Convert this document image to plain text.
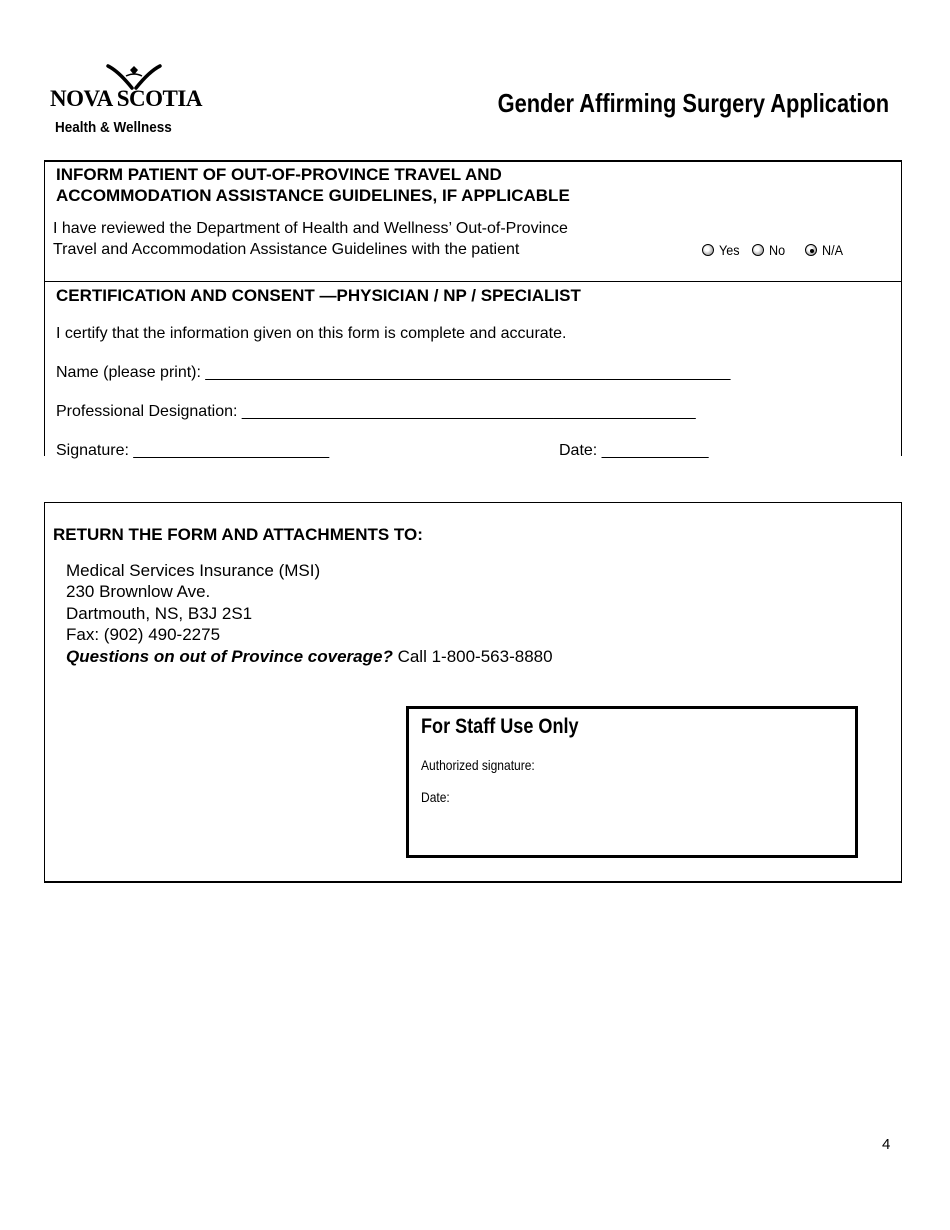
NOVA SCOTIA
Health & Wellness
Gender Affirming Surgery Application
INFORM PATIENT OF OUT-OF-PROVINCE TRAVEL AND
ACCOMMODATION ASSISTANCE GUIDELINES, IF APPLICABLE
I have reviewed the Department of Health and Wellness’ Out-of-Province
Travel and Accommodation Assistance Guidelines with the patient	Yes No	N/A
CERTIFICATION AND CONSENT —PHYSICIAN / NP / SPECIALIST
I certify that the information given on this form is complete and accurate.
Name (please print): ___________________________________________________________
Professional Designation: ___________________________________________________
Signature: ______________________	Date: ____________
RETURN THE FORM AND ATTACHMENTS TO:
Medical Services Insurance (MSI)
230 Brownlow Ave.
Dartmouth, NS, B3J 2S1
Fax: (902) 490-2275
Questions on out of Province coverage? Call 1-800-563-8880
For Staff Use Only
Authorized signature:
Date:
4
